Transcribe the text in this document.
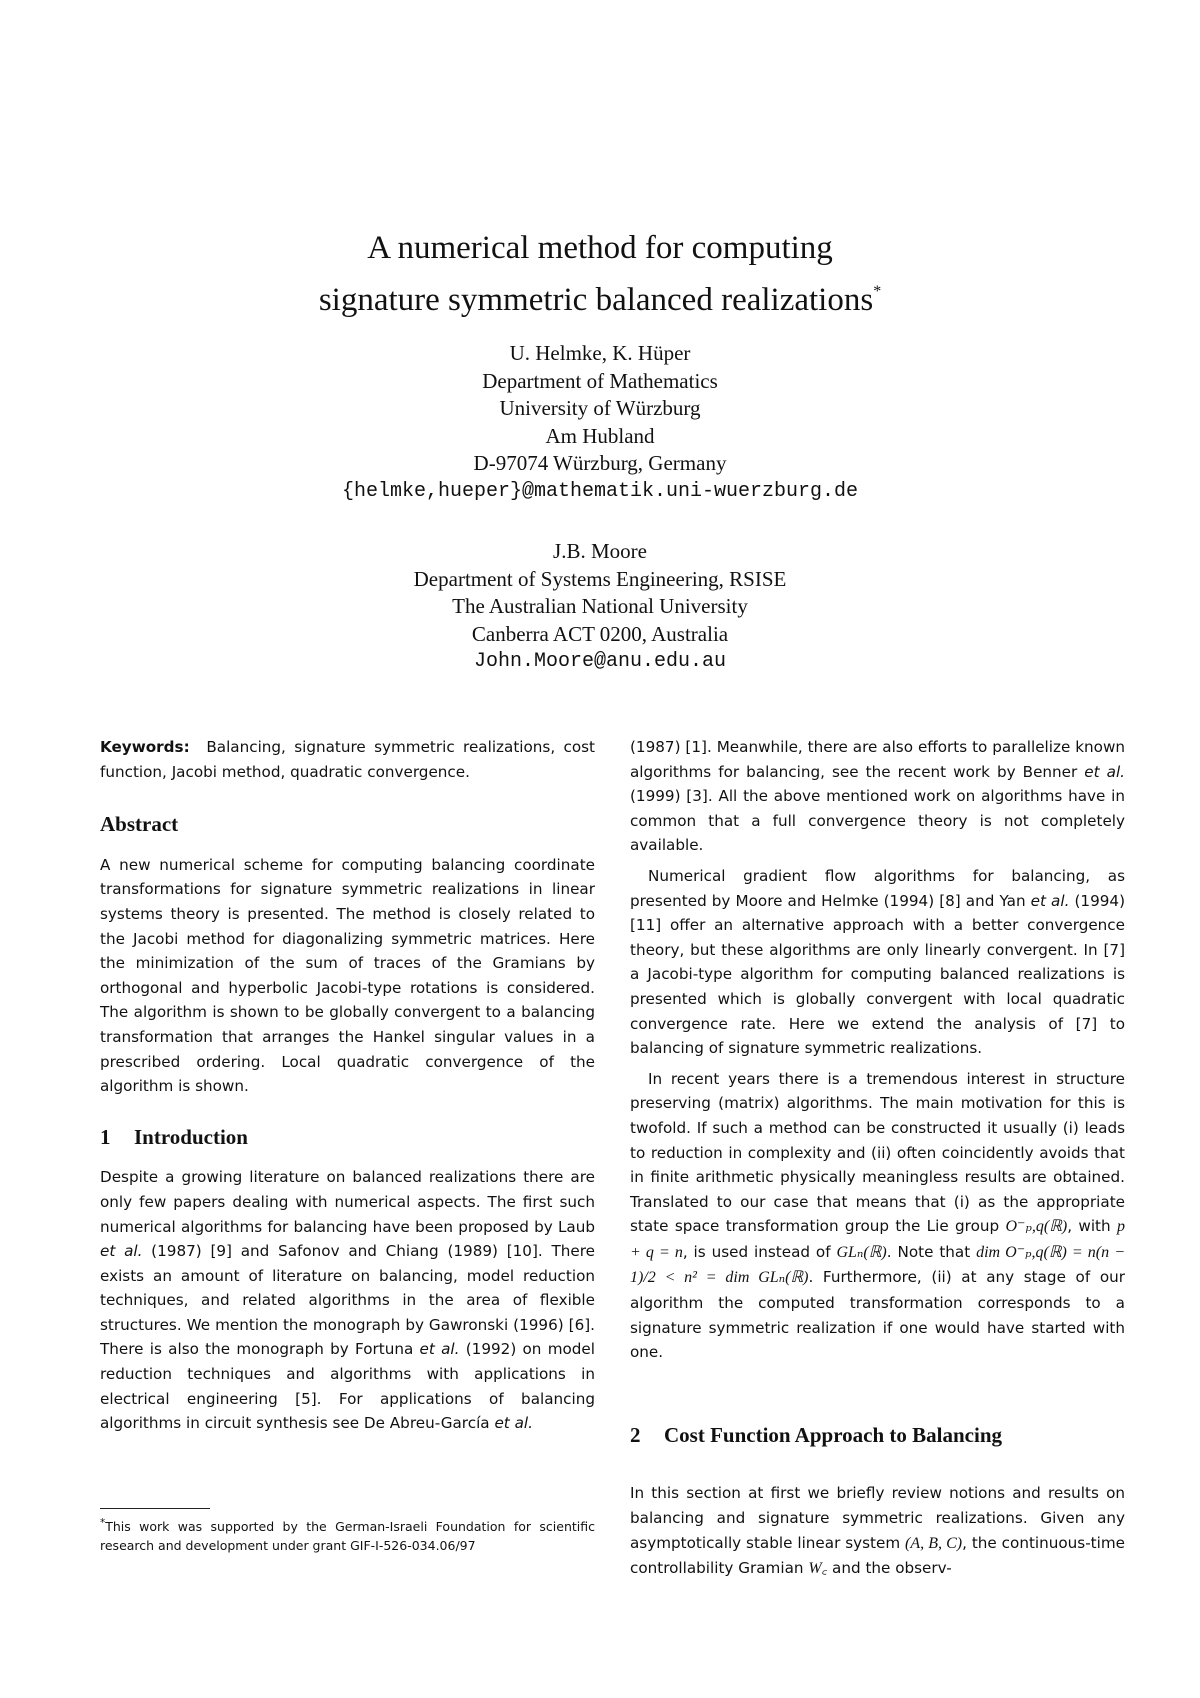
A numerical method for computing
signature symmetric balanced realizations*
U. Helmke, K. Hüper
Department of Mathematics
University of Würzburg
Am Hubland
D-97074 Würzburg, Germany
{helmke,hueper}@mathematik.uni-wuerzburg.de
J.B. Moore
Department of Systems Engineering, RSISE
The Australian National University
Canberra ACT 0200, Australia
John.Moore@anu.edu.au

Keywords: Balancing, signature symmetric realizations, cost function, Jacobi method, quadratic convergence.

Abstract

A new numerical scheme for computing balancing coordinate transformations for signature symmetric realizations in linear systems theory is presented. The method is closely related to the Jacobi method for diagonalizing symmetric matrices. Here the minimization of the sum of traces of the Gramians by orthogonal and hyperbolic Jacobi-type rotations is considered. The algorithm is shown to be globally convergent to a balancing transformation that arranges the Hankel singular values in a prescribed ordering. Local quadratic convergence of the algorithm is shown.

1 Introduction

Despite a growing literature on balanced realizations there are only few papers dealing with numerical aspects. The first such numerical algorithms for balancing have been proposed by Laub et al. (1987) [9] and Safonov and Chiang (1989) [10]. There exists an amount of literature on balancing, model reduction techniques, and related algorithms in the area of flexible structures. We mention the monograph by Gawronski (1996) [6]. There is also the monograph by Fortuna et al. (1992) on model reduction techniques and algorithms with applications in electrical engineering [5]. For applications of balancing algorithms in circuit synthesis see De Abreu-García et al.

*This work was supported by the German-Israeli Foundation for scientific research and development under grant GIF-I-526-034.06/97

(1987) [1]. Meanwhile, there are also efforts to parallelize known algorithms for balancing, see the recent work by Benner et al. (1999) [3]. All the above mentioned work on algorithms have in common that a full convergence theory is not completely available.

Numerical gradient flow algorithms for balancing, as presented by Moore and Helmke (1994) [8] and Yan et al. (1994) [11] offer an alternative approach with a better convergence theory, but these algorithms are only linearly convergent. In [7] a Jacobi-type algorithm for computing balanced realizations is presented which is globally convergent with local quadratic convergence rate. Here we extend the analysis of [7] to balancing of signature symmetric realizations.

In recent years there is a tremendous interest in structure preserving (matrix) algorithms. The main motivation for this is twofold. If such a method can be constructed it usually (i) leads to reduction in complexity and (ii) often coincidently avoids that in finite arithmetic physically meaningless results are obtained. Translated to our case that means that (i) as the appropriate state space transformation group the Lie group O⁻ₚ,q(ℝ), with p + q = n, is used instead of GLₙ(ℝ). Note that dim O⁻ₚ,q(ℝ) = n(n − 1)/2 < n² = dim GLₙ(ℝ). Furthermore, (ii) at any stage of our algorithm the computed transformation corresponds to a signature symmetric realization if one would have started with one.

2 Cost Function Approach to Balancing

In this section at first we briefly review notions and results on balancing and signature symmetric realizations. Given any asymptotically stable linear system (A, B, C), the continuous-time controllability Gramian W꜀ and the observ-
